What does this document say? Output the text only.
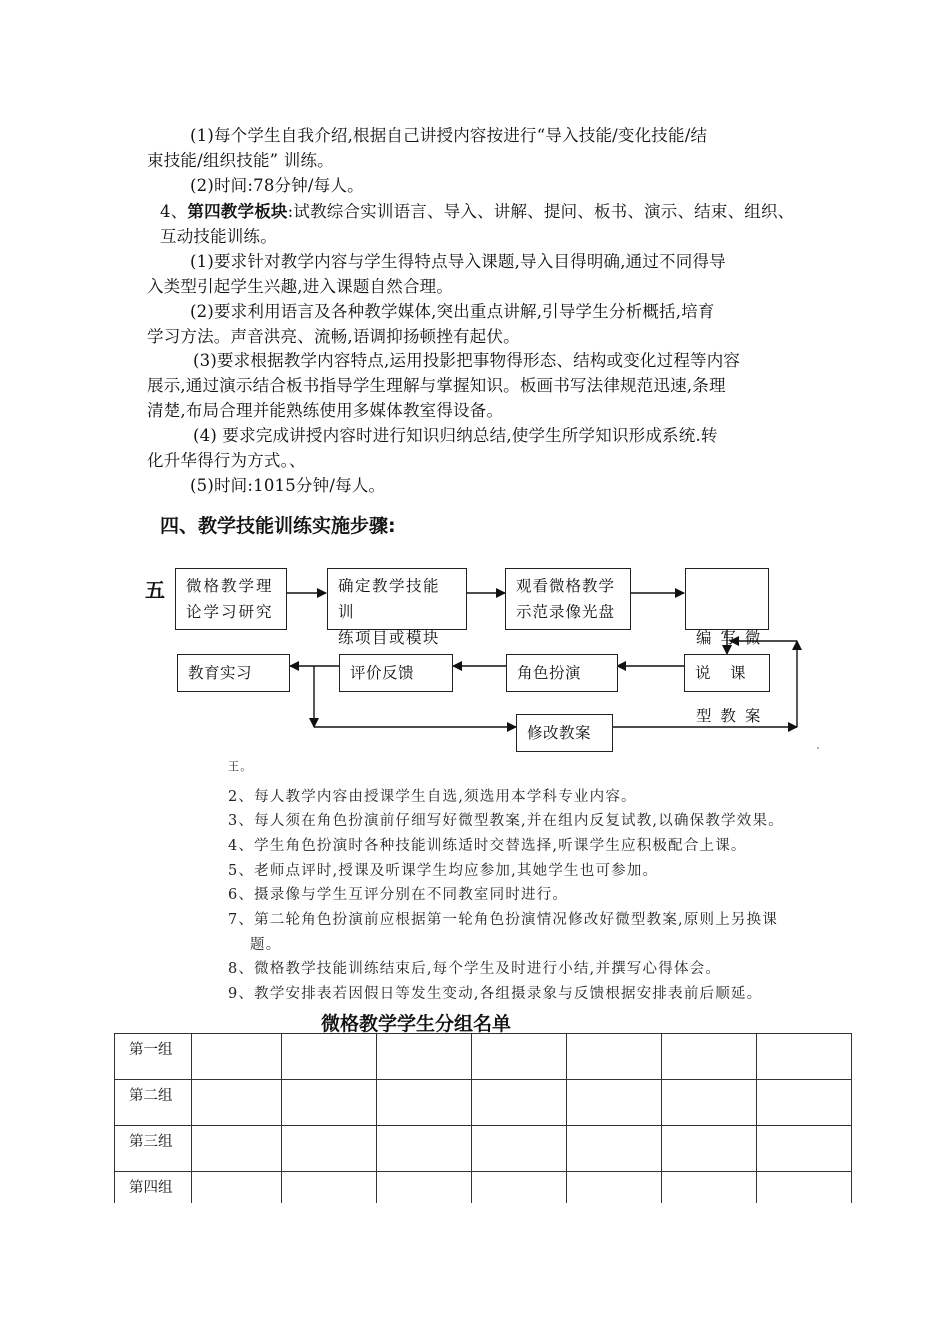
(1)每个学生自我介绍,根据自己讲授内容按进行“导入技能/变化技能/结
束技能/组织技能” 训练。
(2)时间:78分钟/每人。
4、第四教学板块:试教综合实训语言、导入、讲解、提问、板书、演示、结束、组织、
互动技能训练。
(1)要求针对教学内容与学生得特点导入课题,导入目得明确,通过不同得导
入类型引起学生兴趣,进入课题自然合理。
(2)要求利用语言及各种教学媒体,突出重点讲解,引导学生分析概括,培育
学习方法。声音洪亮、流畅,语调抑扬顿挫有起伏。
(3)要求根据教学内容特点,运用投影把事物得形态、结构或变化过程等内容
展示,通过演示结合板书指导学生理解与掌握知识。板画书写法律规范迅速,条理
清楚,布局合理并能熟练使用多媒体教室得设备。
(4) 要求完成讲授内容时进行知识归纳总结,使学生所学知识形成系统.转
化升华得行为方式。、
(5)时间:1015分钟/每人。
四、教学技能训练实施步骤:
五 微格教学理
论学习研究
确定教学技能训
练项目或模块
观看微格教学
示范录像光盘

编 写 微

型 教 案

说　课
角色扮演
评价反馈
教育实习
修改教案
王。
2、每人教学内容由授课学生自选,须选用本学科专业内容。
3、每人须在角色扮演前仔细写好微型教案,并在组内反复试教,以确保教学效果。
4、学生角色扮演时各种技能训练适时交替选择,听课学生应积极配合上课。
5、老师点评时,授课及听课学生均应参加,其她学生也可参加。
6、摄录像与学生互评分别在不同教室同时进行。
7、第二轮角色扮演前应根据第一轮角色扮演情况修改好微型教案,原则上另换课
题。
8、微格教学技能训练结束后,每个学生及时进行小结,并撰写心得体会。
9、教学安排表若因假日等发生变动,各组摄录象与反馈根据安排表前后顺延。
微格教学学生分组名单
第一组							
第二组							
第三组							
第四组							
